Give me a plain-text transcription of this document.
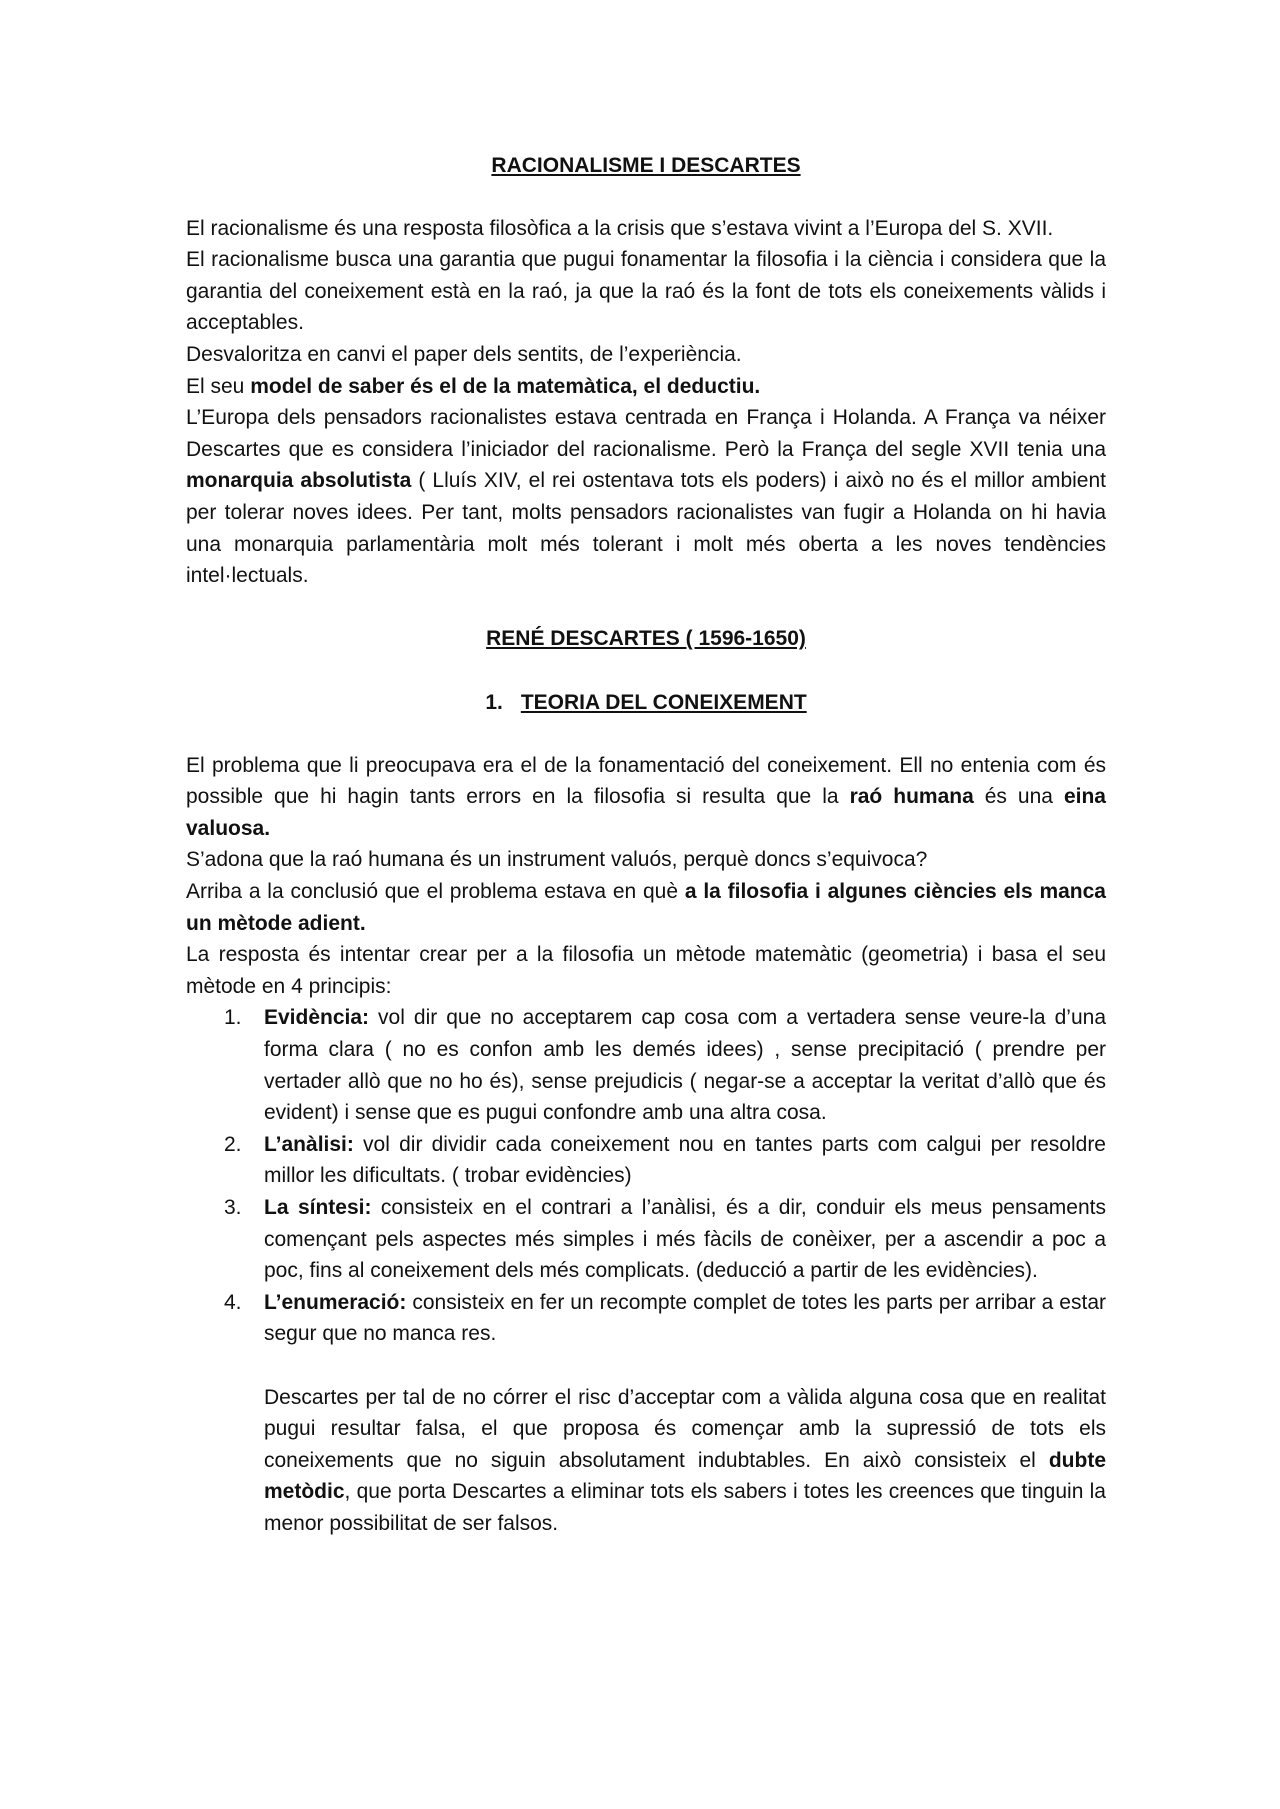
RACIONALISME I DESCARTES

El racionalisme és una resposta filosòfica a la crisis que s’estava vivint a l’Europa del S. XVII.

El racionalisme busca una garantia que pugui fonamentar la filosofia i la ciència i considera que la garantia del coneixement està en la raó, ja que la raó és la font de tots els coneixements vàlids i acceptables.

Desvaloritza en canvi el paper dels sentits, de l’experiència.

El seu model de saber és el de la matemàtica, el deductiu.

L’Europa dels pensadors racionalistes estava centrada en França i Holanda. A França va néixer Descartes que es considera l’iniciador del racionalisme. Però la França del segle XVII tenia una monarquia absolutista ( Lluís XIV, el rei ostentava tots els poders) i això no és el millor ambient per tolerar noves idees. Per tant, molts pensadors racionalistes van fugir a Holanda on hi havia una monarquia parlamentària molt més tolerant i molt més oberta a les noves tendències intel·lectuals.

RENÉ DESCARTES ( 1596-1650)

1. TEORIA DEL CONEIXEMENT

El problema que li preocupava era el de la fonamentació del coneixement. Ell no entenia com és possible que hi hagin tants errors en la filosofia si resulta que la raó humana és una eina valuosa.

S’adona que la raó humana és un instrument valuós, perquè doncs s’equivoca?

Arriba a la conclusió que el problema estava en què a la filosofia i algunes ciències els manca un mètode adient.

La resposta és intentar crear per a la filosofia un mètode matemàtic (geometria) i basa el seu mètode en 4 principis:

1. Evidència: vol dir que no acceptarem cap cosa com a vertadera sense veure-la d’una forma clara ( no es confon amb les demés idees) , sense precipitació ( prendre per vertader allò que no ho és), sense prejudicis ( negar-se a acceptar la veritat d’allò que és evident) i sense que es pugui confondre amb una altra cosa.
2. L’anàlisi: vol dir dividir cada coneixement nou en tantes parts com calgui per resoldre millor les dificultats. ( trobar evidències)
3. La síntesi: consisteix en el contrari a l’anàlisi, és a dir, conduir els meus pensaments començant pels aspectes més simples i més fàcils de conèixer, per a ascendir a poc a poc, fins al coneixement dels més complicats. (deducció a partir de les evidències).
4. L’enumeració: consisteix en fer un recompte complet de totes les parts per arribar a estar segur que no manca res.

Descartes per tal de no córrer el risc d’acceptar com a vàlida alguna cosa que en realitat pugui resultar falsa, el que proposa és començar amb la supressió de tots els coneixements que no siguin absolutament indubtables. En això consisteix el dubte metòdic, que porta Descartes a eliminar tots els sabers i totes les creences que tinguin la menor possibilitat de ser falsos.
